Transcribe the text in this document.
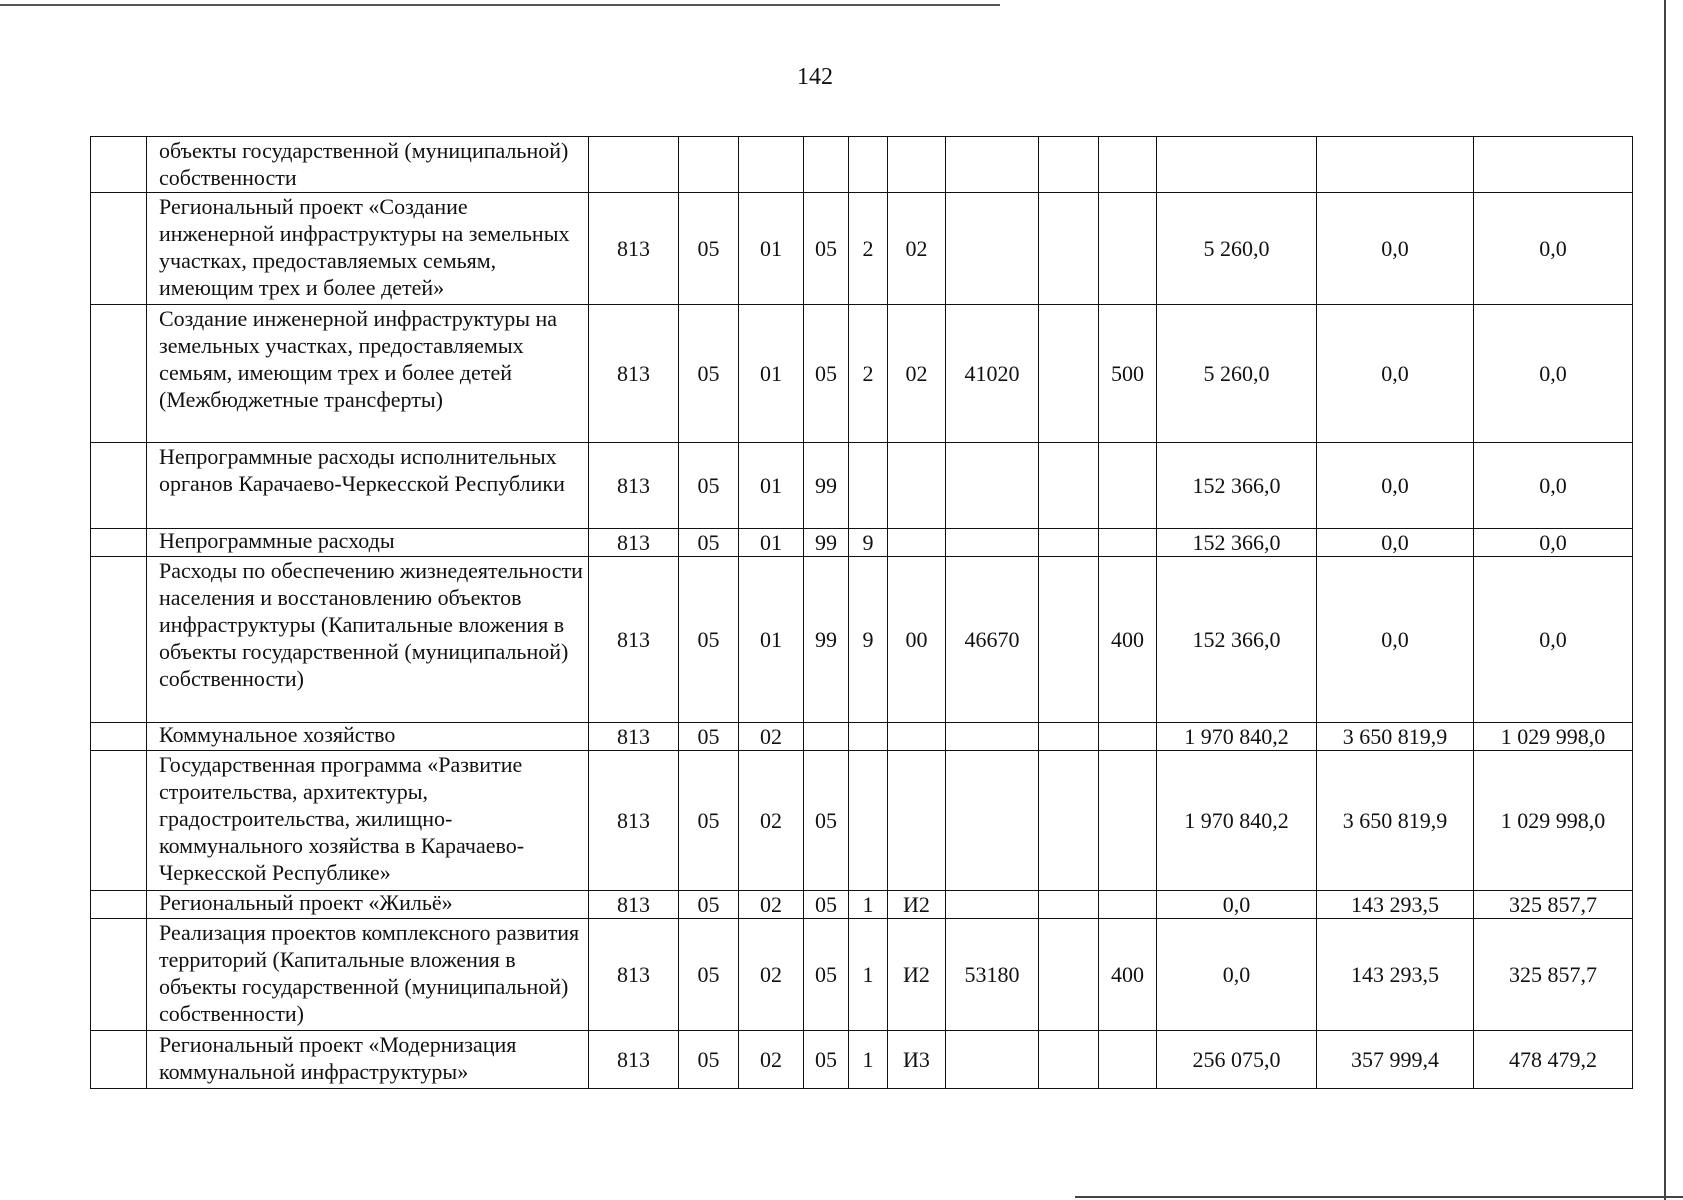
142
	объекты государственной (муниципальной) собственности												
	Региональный проект «Создание инженерной инфраструктуры на земельных участках, предоставляемых семьям, имеющим трех и более детей»	813	05	01	05	2	02				5 260,0	0,0	0,0
	Создание инженерной инфраструктуры на земельных участках, предоставляемых семьям, имеющим трех и более детей (Межбюджетные трансферты)	813	05	01	05	2	02	41020		500	5 260,0	0,0	0,0
	Непрограммные расходы исполнительных органов Карачаево-Черкесской Республики	813	05	01	99						152 366,0	0,0	0,0
	Непрограммные расходы	813	05	01	99	9					152 366,0	0,0	0,0
	Расходы по обеспечению жизнедеятельности населения и восстановлению объектов инфраструктуры (Капитальные вложения в объекты государственной (муниципальной) собственности)	813	05	01	99	9	00	46670		400	152 366,0	0,0	0,0
	Коммунальное хозяйство	813	05	02							1 970 840,2	3 650 819,9	1 029 998,0
	Государственная программа «Развитие строительства, архитектуры, градостроительства, жилищно-коммунального хозяйства в Карачаево-Черкесской Республике»	813	05	02	05						1 970 840,2	3 650 819,9	1 029 998,0
	Региональный проект «Жильё»	813	05	02	05	1	И2				0,0	143 293,5	325 857,7
	Реализация проектов комплексного развития территорий (Капитальные вложения в объекты государственной (муниципальной) собственности)	813	05	02	05	1	И2	53180		400	0,0	143 293,5	325 857,7
	Региональный проект «Модернизация коммунальной инфраструктуры»	813	05	02	05	1	И3				256 075,0	357 999,4	478 479,2
